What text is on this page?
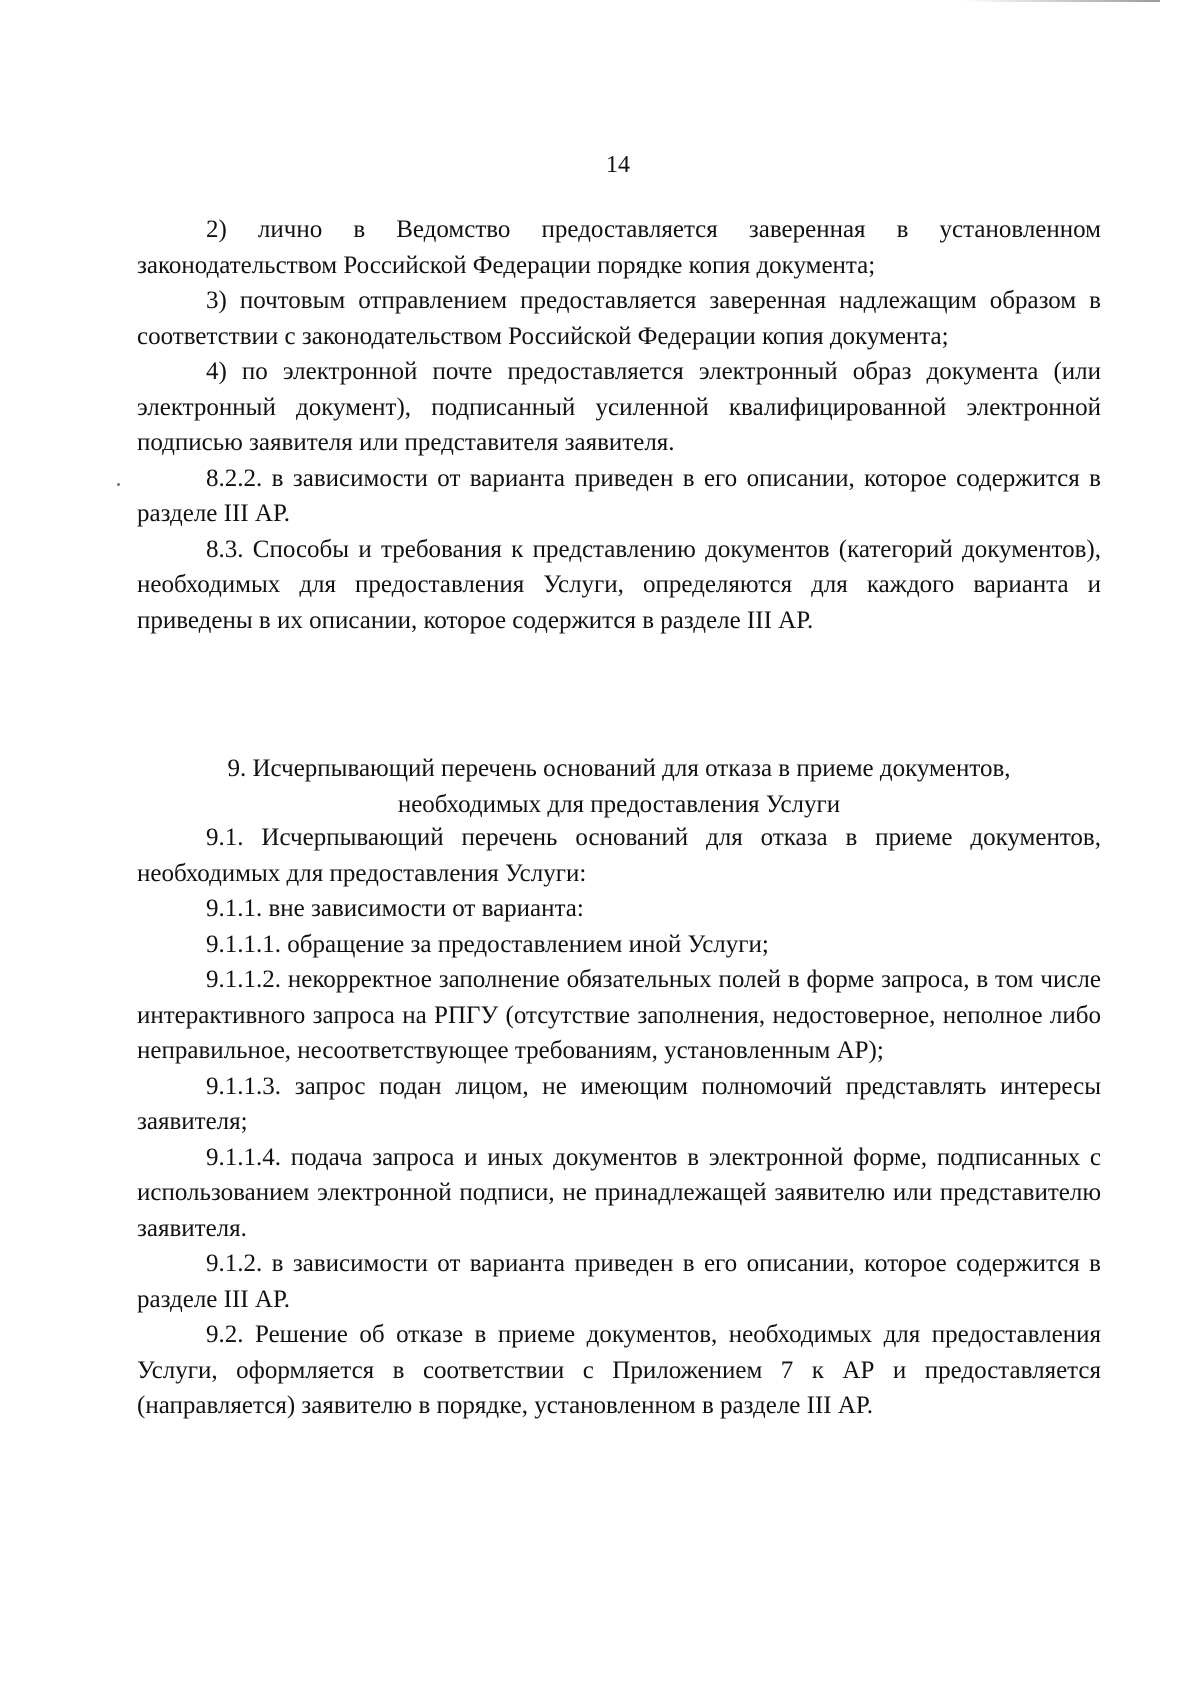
14

2) лично в Ведомство предоставляется заверенная в установленном законодательством Российской Федерации порядке копия документа;

3) почтовым отправлением предоставляется заверенная надлежащим образом в соответствии с законодательством Российской Федерации копия документа;

4) по электронной почте предоставляется электронный образ документа (или электронный документ), подписанный усиленной квалифицированной электронной подписью заявителя или представителя заявителя.

8.2.2. в зависимости от варианта приведен в его описании, которое содержится в разделе III АР.

8.3. Способы и требования к представлению документов (категорий документов), необходимых для предоставления Услуги, определяются для каждого варианта и приведены в их описании, которое содержится в разделе III АР.

9. Исчерпывающий перечень оснований для отказа в приеме документов,
необходимых для предоставления Услуги

9.1. Исчерпывающий перечень оснований для отказа в приеме документов, необходимых для предоставления Услуги:

9.1.1. вне зависимости от варианта:

9.1.1.1. обращение за предоставлением иной Услуги;

9.1.1.2. некорректное заполнение обязательных полей в форме запроса, в том числе интерактивного запроса на РПГУ (отсутствие заполнения, недостоверное, неполное либо неправильное, несоответствующее требованиям, установленным АР);

9.1.1.3. запрос подан лицом, не имеющим полномочий представлять интересы заявителя;

9.1.1.4. подача запроса и иных документов в электронной форме, подписанных с использованием электронной подписи, не принадлежащей заявителю или представителю заявителя.

9.1.2. в зависимости от варианта приведен в его описании, которое содержится в разделе III АР.

9.2. Решение об отказе в приеме документов, необходимых для предоставления Услуги, оформляется в соответствии с Приложением 7 к АР и предоставляется (направляется) заявителю в порядке, установленном в разделе III АР.
